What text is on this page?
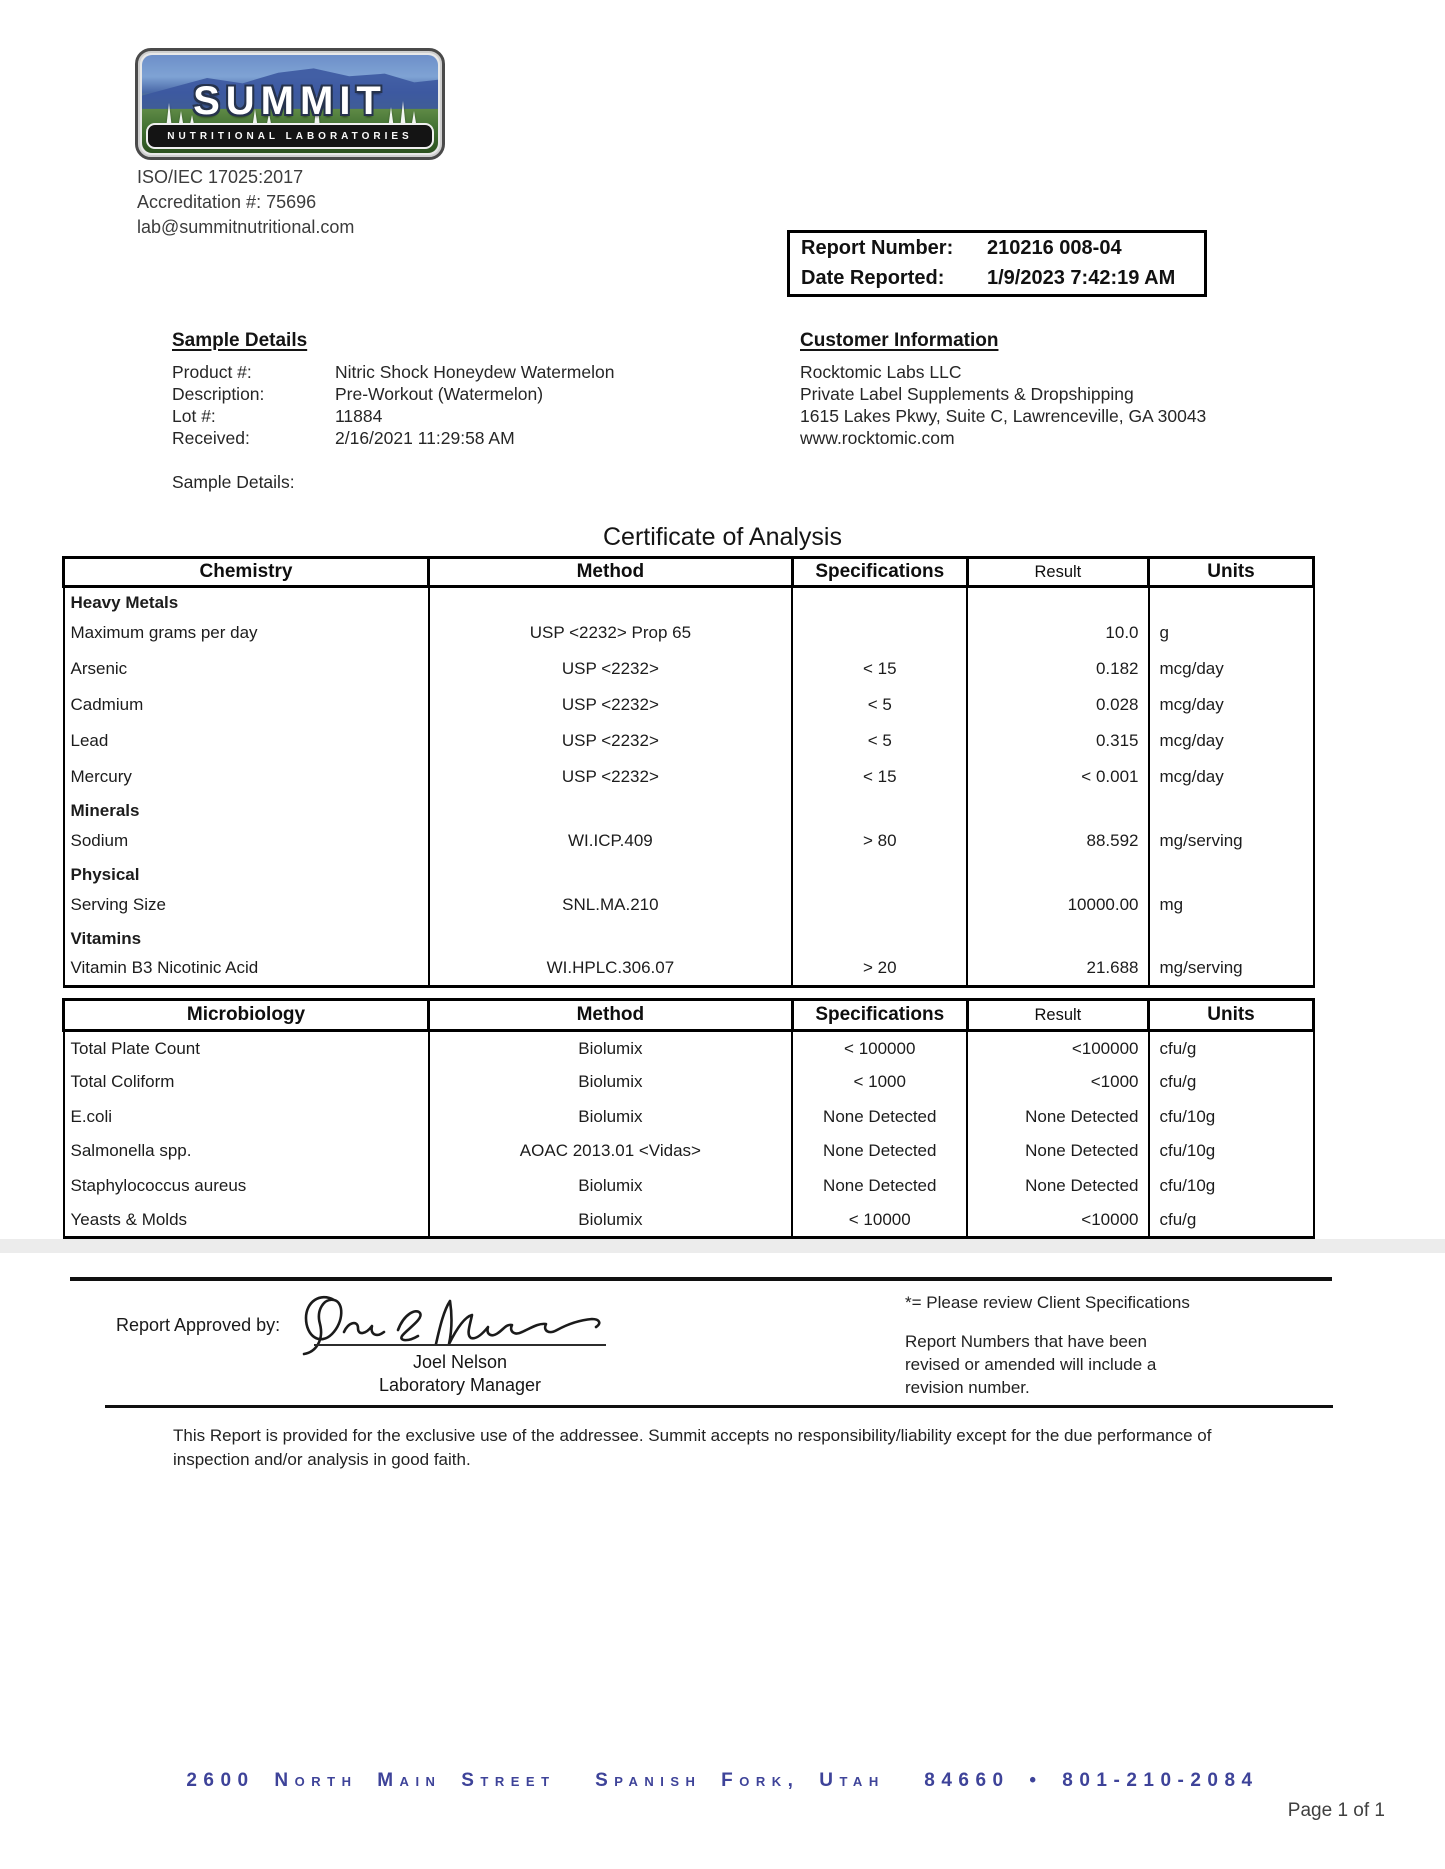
SUMMIT
NUTRITIONAL LABORATORIES
ISO/IEC 17025:2017
Accreditation #: 75696
lab@summitnutritional.com
Report Number:	210216 008-04
Date Reported:	1/9/2023 7:42:19 AM
Sample Details
Product #:	Nitric Shock Honeydew Watermelon
Description:	Pre-Workout (Watermelon)
Lot #:	11884
Received:	2/16/2021 11:29:58 AM
Sample Details:
Customer Information
Rocktomic Labs LLC
Private Label Supplements & Dropshipping
1615 Lakes Pkwy, Suite C, Lawrenceville, GA 30043
www.rocktomic.com
Certificate of Analysis
Chemistry	Method	Specifications	Result	Units
Heavy Metals				
Maximum grams per day	USP <2232> Prop 65		10.0	g
Arsenic	USP <2232>	< 15	0.182	mcg/day
Cadmium	USP <2232>	< 5	0.028	mcg/day
Lead	USP <2232>	< 5	0.315	mcg/day
Mercury	USP <2232>	< 15	< 0.001	mcg/day
Minerals				
Sodium	WI.ICP.409	> 80	88.592	mg/serving
Physical				
Serving Size	SNL.MA.210		10000.00	mg
Vitamins				
Vitamin B3 Nicotinic Acid	WI.HPLC.306.07	> 20	21.688	mg/serving
Microbiology	Method	Specifications	Result	Units
Total Plate Count	Biolumix	< 100000	<100000	cfu/g
Total Coliform	Biolumix	< 1000	<1000	cfu/g
E.coli	Biolumix	None Detected	None Detected	cfu/10g
Salmonella spp.	AOAC 2013.01 <Vidas>	None Detected	None Detected	cfu/10g
Staphylococcus aureus	Biolumix	None Detected	None Detected	cfu/10g
Yeasts & Molds	Biolumix	< 10000	<10000	cfu/g
Report Approved by:
Joel Nelson
Laboratory Manager
This Report is provided for the exclusive use of the addressee. Summit accepts no responsibility/liability except for the due performance of inspection and/or analysis in good faith.
*= Please review Client Specifications
Report Numbers that have been
revised or amended will include a
revision number.
2600 North Main Street  Spanish Fork, Utah  84660 • 801-210-2084
Page 1 of 1
